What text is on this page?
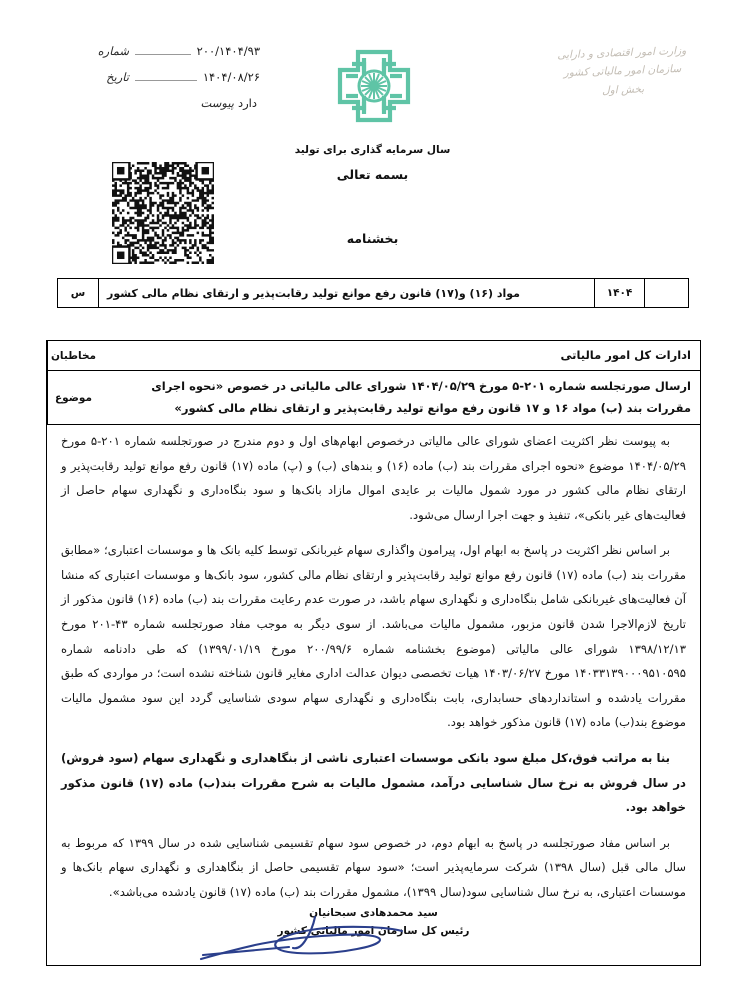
شماره	۲۰۰/۱۴۰۴/۹۳
تاریخ	۱۴۰۴/۰۸/۲۶
پیوست دارد
وزارت امور اقتصادی و دارایی
سازمان امور مالیاتی کشور
بخش اول
سال سرمایه گذاری برای تولید
بسمه تعالی
بخشنامه
۱۴۰۴
مواد (۱۶) و(۱۷) قانون رفع موانع تولید رقابت‌پذیر و ارتقای نظام مالی کشور
س
ادارات کل امور مالیاتی
مخاطبان
ارسال صورتجلسه شماره ۲۰۱-۵ مورخ ۱۴۰۴/۰۵/۲۹ شورای عالی مالیاتی در خصوص «نحوه اجرای مقررات بند (ب) مواد ۱۶ و ۱۷ قانون رفع موانع تولید رقابت‌پذیر و ارتقای نظام مالی کشور»
موضوع

به پیوست نظر اکثریت اعضای شورای عالی مالیاتی درخصوص ابهام‌های اول و دوم مندرج در صورتجلسه شماره ۲۰۱-۵ مورخ ۱۴۰۴/۰۵/۲۹ موضوع «نحوه اجرای مقررات بند (ب) ماده (۱۶) و بندهای (ب) و (پ) ماده (۱۷) قانون رفع موانع تولید رقابت‌پذیر و ارتقای نظام مالی کشور در مورد شمول مالیات بر عایدی اموال مازاد بانک‌ها و سود بنگاه‌داری و نگهداری سهام حاصل از فعالیت‌های غیر بانکی»، تنفیذ و جهت اجرا ارسال می‌شود.

بر اساس نظر اکثریت در پاسخ به ابهام اول، پیرامون واگذاری سهام غیربانکی توسط کلیه بانک ها و موسسات اعتباری؛ «مطابق مقررات بند (ب) ماده (۱۷) قانون رفع موانع تولید رقابت‌پذیر و ارتقای نظام مالی کشور، سود بانک‌ها و موسسات اعتباری که منشا آن فعالیت‌های غیربانکی شامل بنگاه‌داری و نگهداری سهام باشد، در صورت عدم رعایت مقررات بند (ب) ماده (۱۶) قانون مذکور از تاریخ لازم‌الاجرا شدن قانون مزبور، مشمول مالیات می‌باشد. از سوی دیگر به موجب مفاد صورتجلسه شماره ۴۳-۲۰۱ مورخ ۱۳۹۸/۱۲/۱۳ شورای عالی مالیاتی (موضوع بخشنامه شماره ۲۰۰/۹۹/۶ مورخ ۱۳۹۹/۰۱/۱۹) که طی دادنامه شماره ۱۴۰۳۳۱۳۹۰۰۰۹۵۱۰۵۹۵ مورخ ۱۴۰۳/۰۶/۲۷ هیات تخصصی دیوان عدالت اداری مغایر قانون شناخته نشده است؛ در مواردی که طبق مقررات یادشده و استانداردهای حسابداری، بابت بنگاه‌داری و نگهداری سهام سودی شناسایی گردد این سود مشمول مالیات موضوع بند(ب) ماده (۱۷) قانون مذکور خواهد بود.

بنا به مراتب فوق،کل مبلغ سود بانکی موسسات اعتباری ناشی از بنگاهداری و نگهداری سهام (سود فروش) در سال فروش به نرخ سال شناسایی درآمد، مشمول مالیات به شرح مقررات بند(ب) ماده (۱۷) قانون مذکور خواهد بود.

بر اساس مفاد صورتجلسه در پاسخ به ابهام دوم، در خصوص سود سهام تقسیمی شناسایی شده در سال ۱۳۹۹ که مربوط به سال مالی قبل (سال ۱۳۹۸) شرکت سرمایه‌پذیر است؛ «سود سهام تقسیمی حاصل از بنگاهداری و نگهداری سهام بانک‌ها و موسسات اعتباری، به نرخ سال شناسایی سود(سال ۱۳۹۹)، مشمول مقررات بند (ب) ماده (۱۷) قانون یادشده می‌باشد».

سید محمدهادی سبحانیان
رئیس کل سازمان امور مالیاتی کشور
